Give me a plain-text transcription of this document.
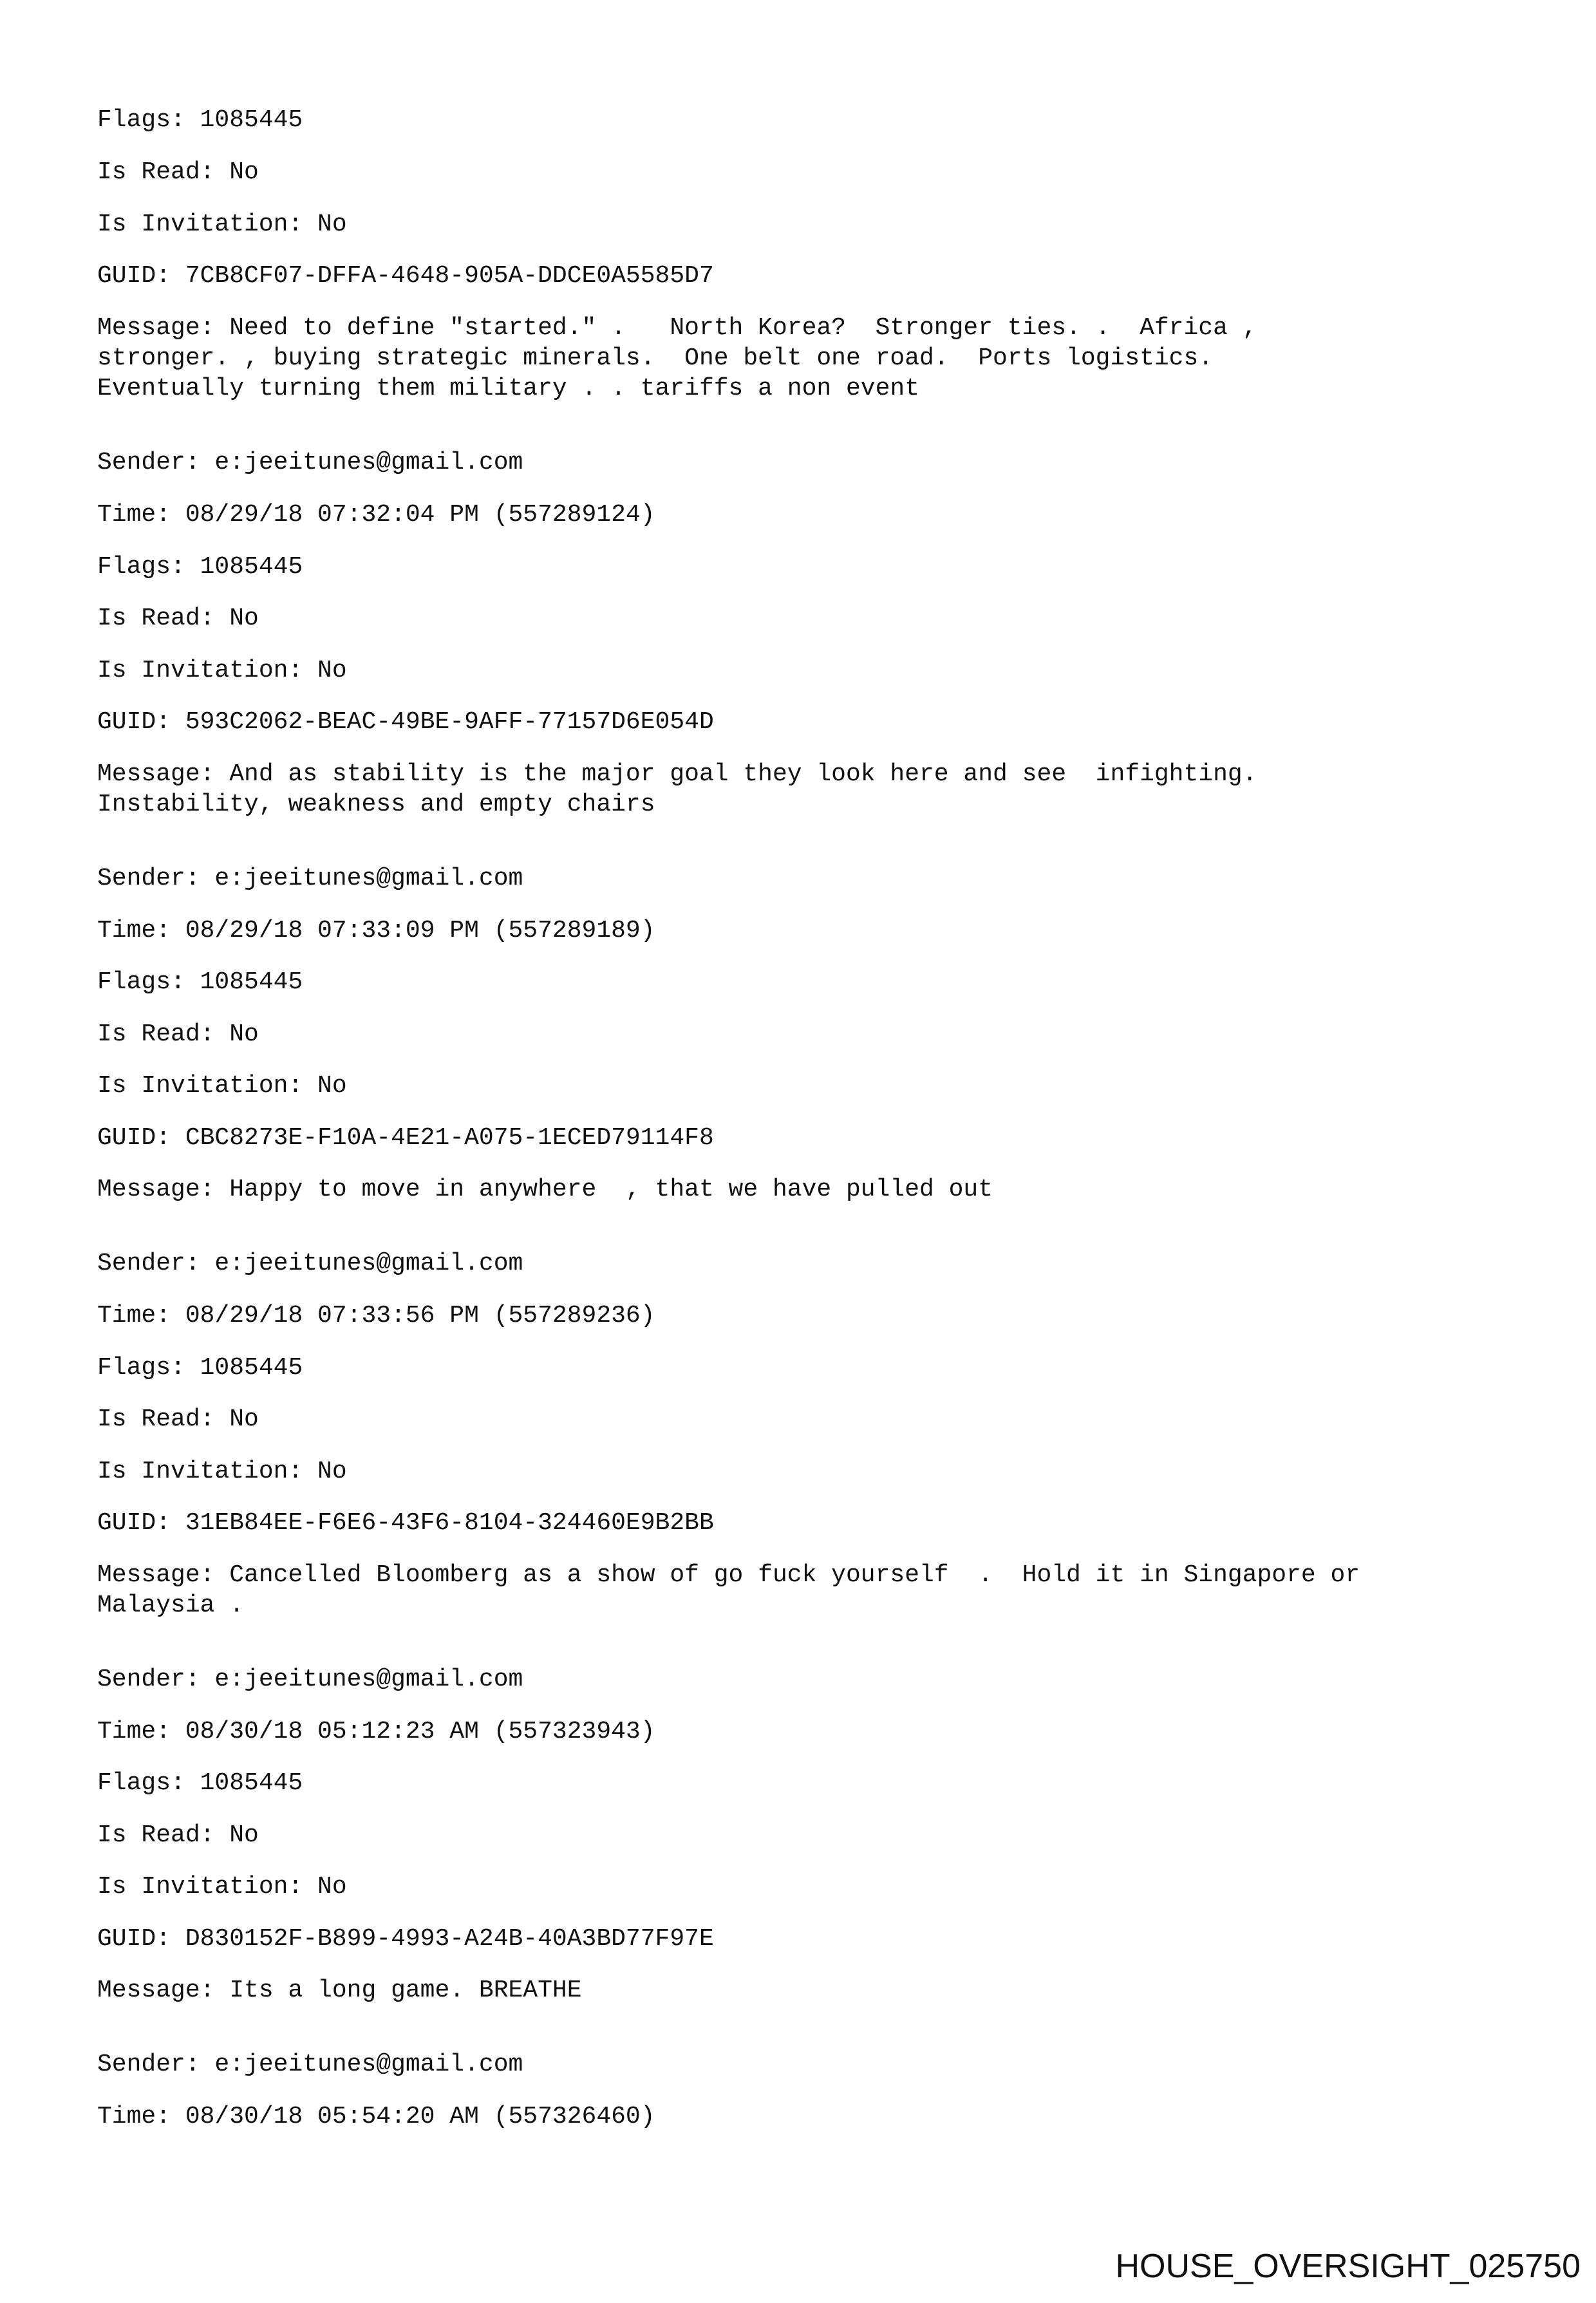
Flags: 1085445
Is Read: No
Is Invitation: No
GUID: 7CB8CF07-DFFA-4648-905A-DDCE0A5585D7
Message: Need to define "started." .   North Korea?  Stronger ties. .  Africa ,
stronger. , buying strategic minerals.  One belt one road.  Ports logistics.
Eventually turning them military . . tariffs a non event
Sender: e:jeeitunes@gmail.com
Time: 08/29/18 07:32:04 PM (557289124)
Flags: 1085445
Is Read: No
Is Invitation: No
GUID: 593C2062-BEAC-49BE-9AFF-77157D6E054D
Message: And as stability is the major goal they look here and see  infighting.
Instability, weakness and empty chairs
Sender: e:jeeitunes@gmail.com
Time: 08/29/18 07:33:09 PM (557289189)
Flags: 1085445
Is Read: No
Is Invitation: No
GUID: CBC8273E-F10A-4E21-A075-1ECED79114F8
Message: Happy to move in anywhere  , that we have pulled out
Sender: e:jeeitunes@gmail.com
Time: 08/29/18 07:33:56 PM (557289236)
Flags: 1085445
Is Read: No
Is Invitation: No
GUID: 31EB84EE-F6E6-43F6-8104-324460E9B2BB
Message: Cancelled Bloomberg as a show of go fuck yourself  .  Hold it in Singapore or
Malaysia .
Sender: e:jeeitunes@gmail.com
Time: 08/30/18 05:12:23 AM (557323943)
Flags: 1085445
Is Read: No
Is Invitation: No
GUID: D830152F-B899-4993-A24B-40A3BD77F97E
Message: Its a long game. BREATHE
Sender: e:jeeitunes@gmail.com
Time: 08/30/18 05:54:20 AM (557326460)
HOUSE_OVERSIGHT_025750
